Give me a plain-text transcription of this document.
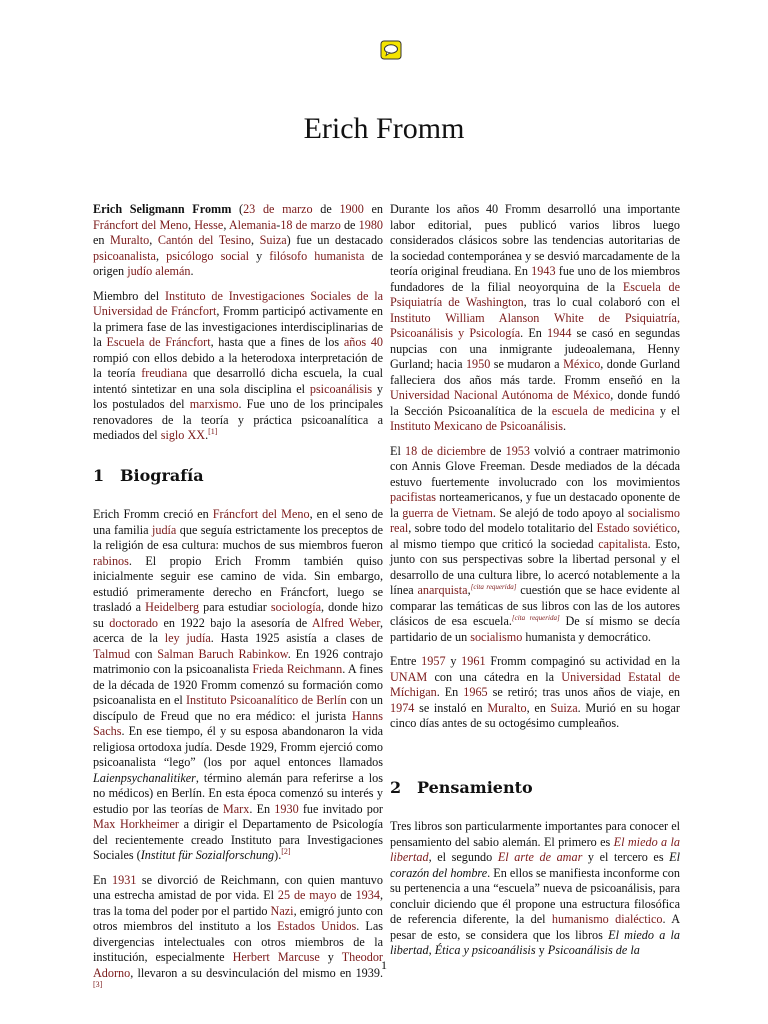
Erich Fromm

Erich Seligmann Fromm (23 de marzo de 1900 en Fráncfort del Meno, Hesse, Alemania-18 de marzo de 1980 en Muralto, Cantón del Tesino, Suiza) fue un destacado psicoanalista, psicólogo social y filósofo humanista de origen judío alemán.

Miembro del Instituto de Investigaciones Sociales de la Universidad de Fráncfort, Fromm participó activamente en la primera fase de las investigaciones interdisciplinarias de la Escuela de Fráncfort, hasta que a fines de los años 40 rompió con ellos debido a la heterodoxa interpretación de la teoría freudiana que desarrolló dicha escuela, la cual intentó sintetizar en una sola disciplina el psicoanálisis y los postulados del marxismo. Fue uno de los principales renovadores de la teoría y práctica psicoanalítica a mediados del siglo XX.[1]

1 Biografía

Erich Fromm creció en Fráncfort del Meno, en el seno de una familia judía que seguía estrictamente los preceptos de la religión de esa cultura: muchos de sus miembros fueron rabinos. El propio Erich Fromm también quiso inicialmente seguir ese camino de vida. Sin embargo, estudió primeramente derecho en Fráncfort, luego se trasladó a Heidelberg para estudiar sociología, donde hizo su doctorado en 1922 bajo la asesoría de Alfred Weber, acerca de la ley judía. Hasta 1925 asistía a clases de Talmud con Salman Baruch Rabinkow. En 1926 contrajo matrimonio con la psicoanalista Frieda Reichmann. A fines de la década de 1920 Fromm comenzó su formación como psicoanalista en el Instituto Psicoanalítico de Berlín con un discípulo de Freud que no era médico: el jurista Hanns Sachs. En ese tiempo, él y su esposa abandonaron la vida religiosa ortodoxa judía. Desde 1929, Fromm ejerció como psicoanalista “lego” (los por aquel entonces llamados Laienpsychanalitiker, término alemán para referirse a los no médicos) en Berlín. En esta época comenzó su interés y estudio por las teorías de Marx. En 1930 fue invitado por Max Horkheimer a dirigir el Departamento de Psicología del recientemente creado Instituto para Investigaciones Sociales (Institut für Sozialforschung).[2]

En 1931 se divorció de Reichmann, con quien mantuvo una estrecha amistad de por vida. El 25 de mayo de 1934, tras la toma del poder por el partido Nazi, emigró junto con otros miembros del instituto a los Estados Unidos. Las divergencias intelectuales con otros miembros de la institución, especialmente Herbert Marcuse y Theodor Adorno, llevaron a su desvinculación del mismo en 1939.[3]

Durante los años 40 Fromm desarrolló una importante labor editorial, pues publicó varios libros luego considerados clásicos sobre las tendencias autoritarias de la sociedad contemporánea y se desvió marcadamente de la teoría original freudiana. En 1943 fue uno de los miembros fundadores de la filial neoyorquina de la Escuela de Psiquiatría de Washington, tras lo cual colaboró con el Instituto William Alanson White de Psiquiatría, Psicoanálisis y Psicología. En 1944 se casó en segundas nupcias con una inmigrante judeoalemana, Henny Gurland; hacia 1950 se mudaron a México, donde Gurland falleciera dos años más tarde. Fromm enseñó en la Universidad Nacional Autónoma de México, donde fundó la Sección Psicoanalítica de la escuela de medicina y el Instituto Mexicano de Psicoanálisis.

El 18 de diciembre de 1953 volvió a contraer matrimonio con Annis Glove Freeman. Desde mediados de la década estuvo fuertemente involucrado con los movimientos pacifistas norteamericanos, y fue un destacado oponente de la guerra de Vietnam. Se alejó de todo apoyo al socialismo real, sobre todo del modelo totalitario del Estado soviético, al mismo tiempo que criticó la sociedad capitalista. Esto, junto con sus perspectivas sobre la libertad personal y el desarrollo de una cultura libre, lo acercó notablemente a la línea anarquista,[cita requerida] cuestión que se hace evidente al comparar las temáticas de sus libros con las de los autores clásicos de esa escuela.[cita requerida] De sí mismo se decía partidario de un socialismo humanista y democrático.

Entre 1957 y 1961 Fromm compaginó su actividad en la UNAM con una cátedra en la Universidad Estatal de Míchigan. En 1965 se retiró; tras unos años de viaje, en 1974 se instaló en Muralto, en Suiza. Murió en su hogar cinco días antes de su octogésimo cumpleaños.

2 Pensamiento

Tres libros son particularmente importantes para conocer el pensamiento del sabio alemán. El primero es El miedo a la libertad, el segundo El arte de amar y el tercero es El corazón del hombre. En ellos se manifiesta inconforme con su pertenencia a una “escuela” nueva de psicoanálisis, para concluir diciendo que él propone una estructura filosófica de referencia diferente, la del humanismo dialéctico. A pesar de esto, se considera que los libros El miedo a la libertad, Ética y psicoanálisis y Psicoanálisis de la

1
